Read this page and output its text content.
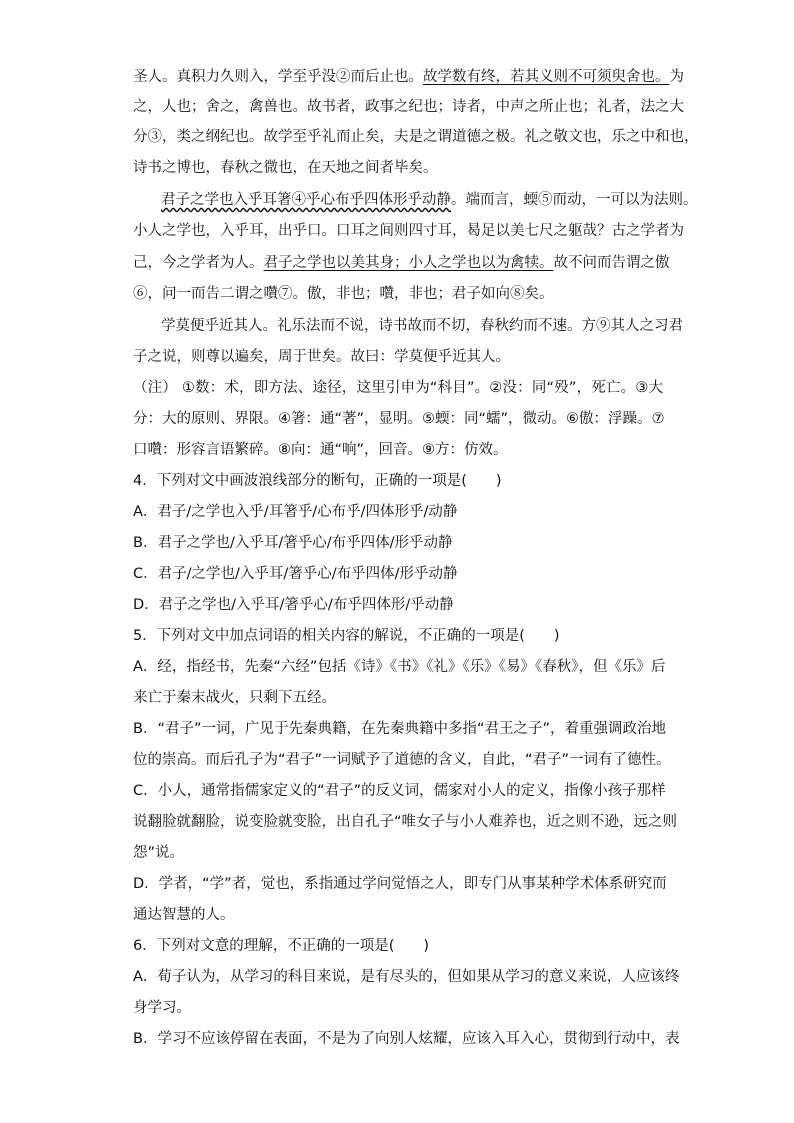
圣人。真积力久则入，学至乎没②而后止也。故学数有终，若其义则不可须臾舍也。为
之，人也；舍之，禽兽也。故书者，政事之纪也；诗者，中声之所止也；礼者，法之大
分③，类之纲纪也。故学至乎礼而止矣，夫是之谓道德之极。礼之敬文也，乐之中和也，
诗书之博也，春秋之微也，在天地之间者毕矣。
君子之学也入乎耳箸④乎心布乎四体形乎动静。端而言，蝡⑤而动，一可以为法则。
小人之学也，入乎耳，出乎口。口耳之间则四寸耳，曷足以美七尺之躯哉？古之学者为
己，今之学者为人。君子之学也以美其身；小人之学也以为禽犊。故不问而告谓之傲
⑥，问一而告二谓之囋⑦。傲，非也；囋，非也；君子如向⑧矣。
学莫便乎近其人。礼乐法而不说，诗书故而不切，春秋约而不速。方⑨其人之习君
子之说，则尊以遍矣，周于世矣。故曰：学莫便乎近其人。
（注） ①数：术，即方法、途径，这里引申为“科目”。②没：同“殁”，死亡。③大
分：大的原则、界限。④箸：通“著”，显明。⑤蝡：同“蠕”，微动。⑥傲：浮躁。⑦
口囋：形容言语繁碎。⑧向：通“响”，回音。⑨方：仿效。
4．下列对文中画波浪线部分的断句，正确的一项是(　　)
A．君子/之学也入乎/耳箸乎/心布乎/四体形乎/动静
B．君子之学也/入乎耳/箸乎心/布乎四体/形乎动静
C．君子/之学也/入乎耳/箸乎心/布乎四体/形乎动静
D．君子之学也/入乎耳/箸乎心/布乎四体形/乎动静
5．下列对文中加点词语的相关内容的解说，不正确的一项是(　　)
A．经，指经书，先秦“六经”包括《诗》《书》《礼》《乐》《易》《春秋》，但《乐》后
来亡于秦末战火，只剩下五经。
B．“君子”一词，广见于先秦典籍，在先秦典籍中多指“君王之子”，着重强调政治地
位的崇高。而后孔子为“君子”一词赋予了道德的含义，自此，“君子”一词有了德性。
C．小人，通常指儒家定义的“君子”的反义词，儒家对小人的定义，指像小孩子那样
说翻脸就翻脸，说变脸就变脸，出自孔子“唯女子与小人难养也，近之则不逊，远之则
怨”说。
D．学者，“学”者，觉也，系指通过学问觉悟之人，即专门从事某种学术体系研究而
通达智慧的人。
6．下列对文意的理解，不正确的一项是(　　)
A．荀子认为，从学习的科目来说，是有尽头的，但如果从学习的意义来说，人应该终
身学习。
B．学习不应该停留在表面，不是为了向别人炫耀，应该入耳入心，贯彻到行动中，表
